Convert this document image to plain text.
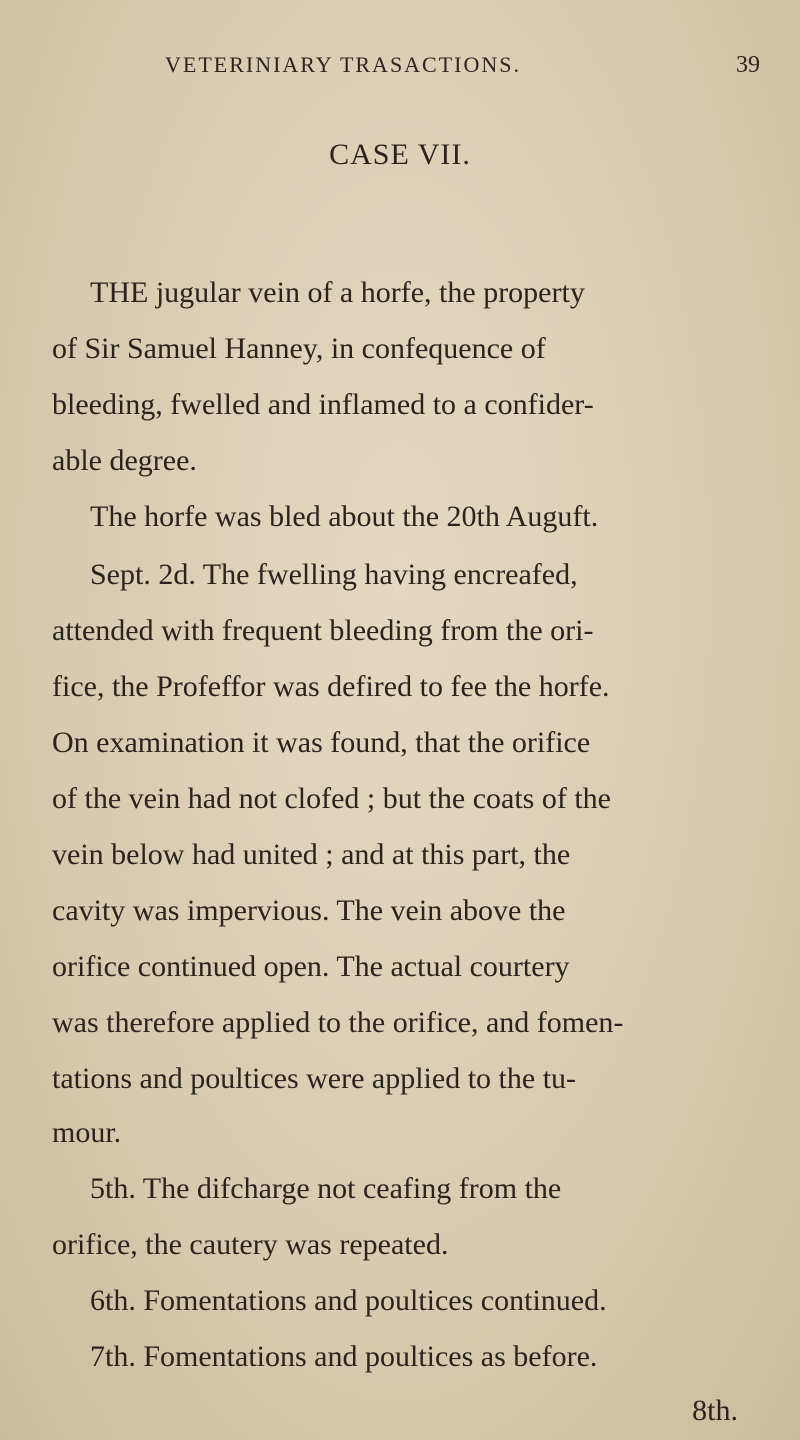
VETERINIARY TRASACTIONS.	39
CASE VII.
THE jugular vein of a horfe, the property
of Sir Samuel Hanney, in confequence of
bleeding, fwelled and inflamed to a confider-
able degree.
The horfe was bled about the 20th Auguft.
Sept. 2d. The fwelling having encreafed,
attended with frequent bleeding from the ori-
fice, the Profeffor was defired to fee the horfe.
On examination it was found, that the orifice
of the vein had not clofed ; but the coats of the
vein below had united ; and at this part, the
cavity was impervious. The vein above the
orifice continued open. The actual courtery
was therefore applied to the orifice, and fomen-
tations and poultices were applied to the tu-
mour.
5th. The difcharge not ceafing from the
orifice, the cautery was repeated.
6th. Fomentations and poultices continued.
7th. Fomentations and poultices as before.
8th.
